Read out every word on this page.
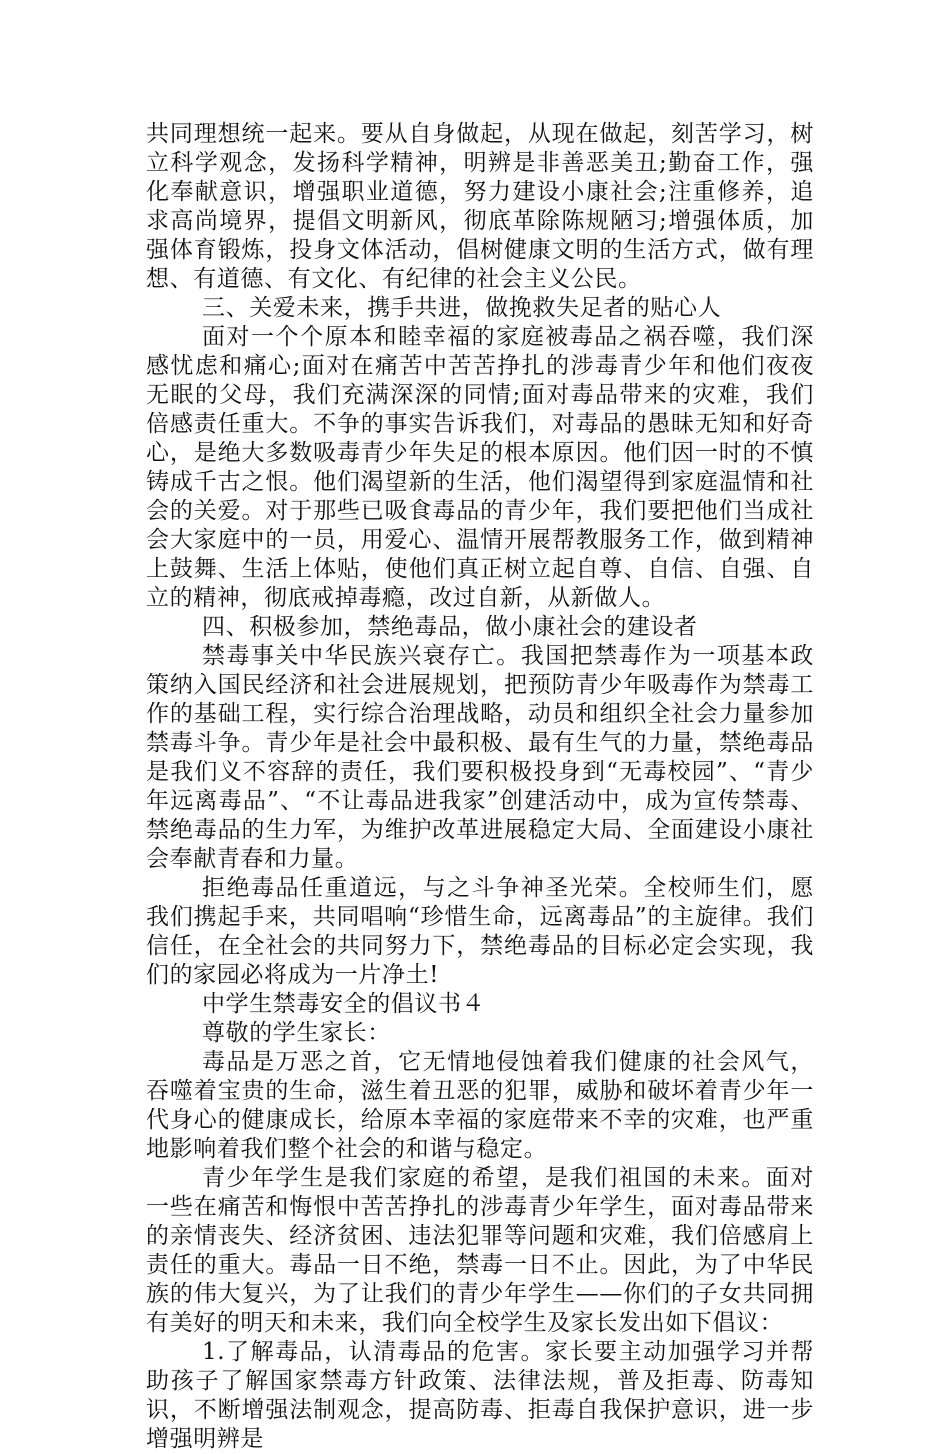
共同理想统一起来。要从自身做起，从现在做起，刻苦学习，树立科学观念，发扬科学精神，明辨是非善恶美丑;勤奋工作，强化奉献意识，增强职业道德，努力建设小康社会;注重修养，追求高尚境界，提倡文明新风，彻底革除陈规陋习;增强体质，加强体育锻炼，投身文体活动，倡树健康文明的生活方式，做有理想、有道德、有文化、有纪律的社会主义公民。

三、关爱未来，携手共进，做挽救失足者的贴心人

面对一个个原本和睦幸福的家庭被毒品之祸吞噬，我们深感忧虑和痛心;面对在痛苦中苦苦挣扎的涉毒青少年和他们夜夜无眠的父母，我们充满深深的同情;面对毒品带来的灾难，我们倍感责任重大。不争的事实告诉我们，对毒品的愚昧无知和好奇心，是绝大多数吸毒青少年失足的根本原因。他们因一时的不慎铸成千古之恨。他们渴望新的生活，他们渴望得到家庭温情和社会的关爱。对于那些已吸食毒品的青少年，我们要把他们当成社会大家庭中的一员，用爱心、温情开展帮教服务工作，做到精神上鼓舞、生活上体贴，使他们真正树立起自尊、自信、自强、自立的精神，彻底戒掉毒瘾，改过自新，从新做人。

四、积极参加，禁绝毒品，做小康社会的建设者

禁毒事关中华民族兴衰存亡。我国把禁毒作为一项基本政策纳入国民经济和社会进展规划，把预防青少年吸毒作为禁毒工作的基础工程，实行综合治理战略，动员和组织全社会力量参加禁毒斗争。青少年是社会中最积极、最有生气的力量，禁绝毒品是我们义不容辞的责任，我们要积极投身到“无毒校园”、“青少年远离毒品”、“不让毒品进我家”创建活动中，成为宣传禁毒、禁绝毒品的生力军，为维护改革进展稳定大局、全面建设小康社会奉献青春和力量。

拒绝毒品任重道远，与之斗争神圣光荣。全校师生们，愿我们携起手来，共同唱响“珍惜生命，远离毒品”的主旋律。我们信任，在全社会的共同努力下，禁绝毒品的目标必定会实现，我们的家园必将成为一片净土!

中学生禁毒安全的倡议书４

尊敬的学生家长：

毒品是万恶之首，它无情地侵蚀着我们健康的社会风气，吞噬着宝贵的生命，滋生着丑恶的犯罪，威胁和破坏着青少年一代身心的健康成长，给原本幸福的家庭带来不幸的灾难，也严重地影响着我们整个社会的和谐与稳定。

青少年学生是我们家庭的希望，是我们祖国的未来。面对一些在痛苦和悔恨中苦苦挣扎的涉毒青少年学生，面对毒品带来的亲情丧失、经济贫困、违法犯罪等问题和灾难，我们倍感肩上责任的重大。毒品一日不绝，禁毒一日不止。因此，为了中华民族的伟大复兴，为了让我们的青少年学生——你们的子女共同拥有美好的明天和未来，我们向全校学生及家长发出如下倡议：

1.了解毒品，认清毒品的危害。家长要主动加强学习并帮助孩子了解国家禁毒方针政策、法律法规，普及拒毒、防毒知识，不断增强法制观念，提高防毒、拒毒自我保护意识，进一步增强明辨是
